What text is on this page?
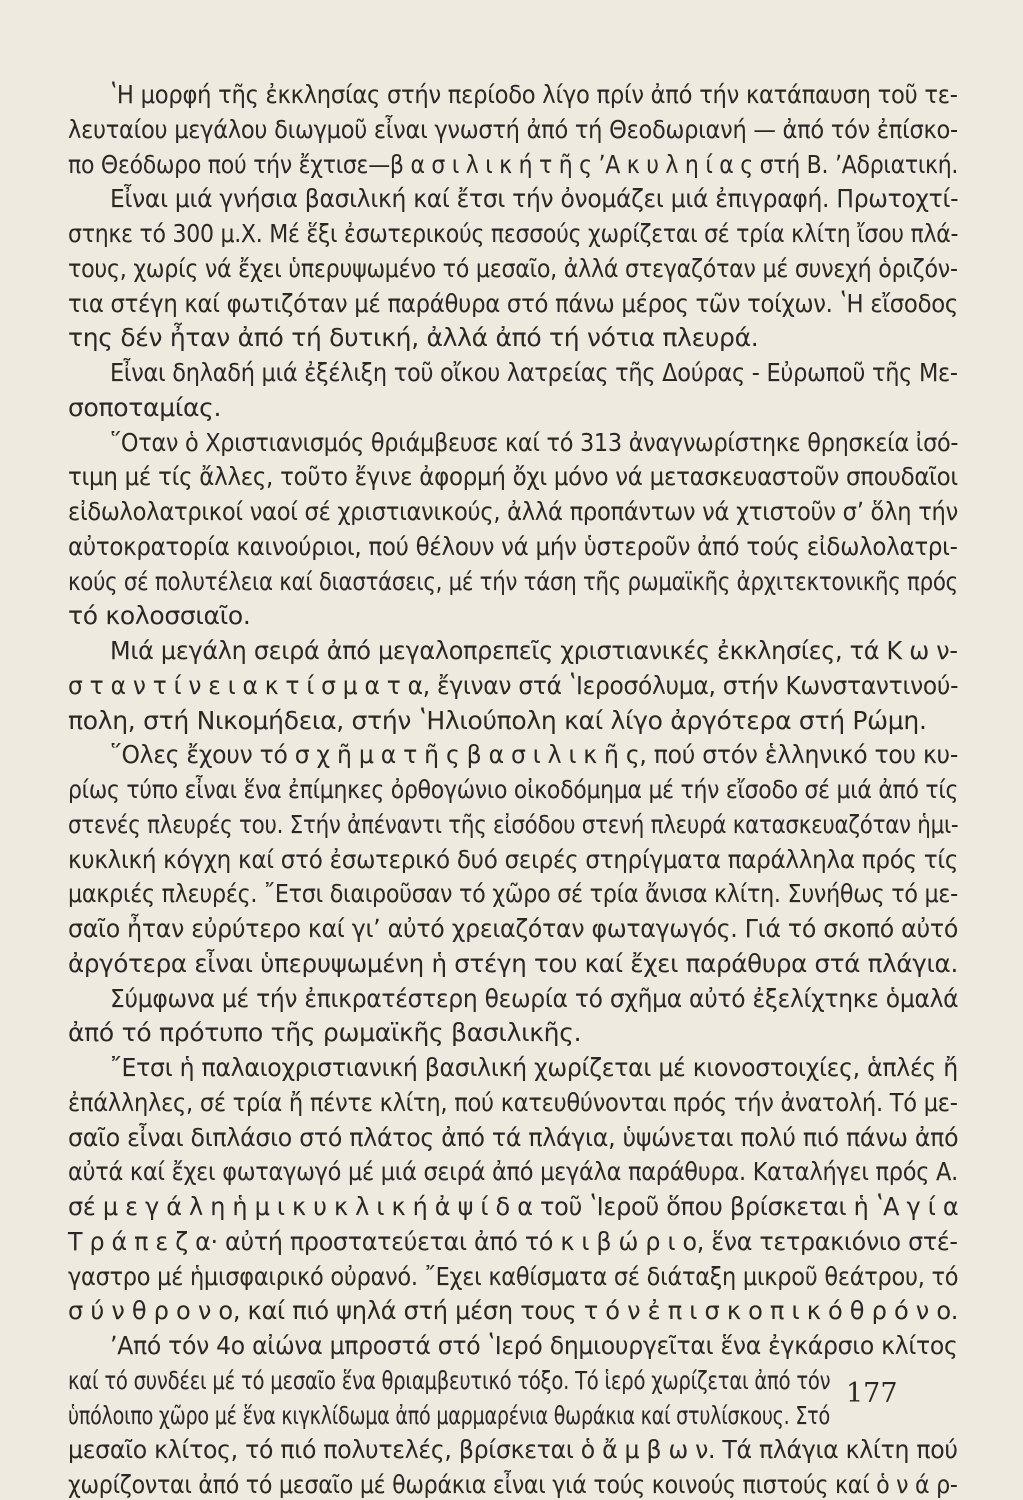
ʽΗ μορφή τῆς ἐκκλησίας στήν περίοδο λίγο πρίν ἀπό τήν κατάπαυση τοῦ τε-
λευταίου μεγάλου διωγμοῦ εἶναι γνωστή ἀπό τή Θεοδωριανή — ἀπό τόν ἐπίσκο-
πο Θεόδωρο πού τήν ἔχτισε—β α σ ι λ ι κ ή τ ῆ ς ʼΑ κ υ λ η ί α ς στή Β. ʼΑδριατική.
Εἶναι μιά γνήσια βασιλική καί ἔτσι τήν ὀνομάζει μιά ἐπιγραφή. Πρωτοχτί-
στηκε τό 300 μ.Χ. Μέ ἕξι ἐσωτερικούς πεσσούς χωρίζεται σέ τρία κλίτη ἴσου πλά-
τους, χωρίς νά ἔχει ὑπερυψωμένο τό μεσαῖο, ἀλλά στεγαζόταν μέ συνεχή ὁριζόν-
τια στέγη καί φωτιζόταν μέ παράθυρα στό πάνω μέρος τῶν τοίχων. ʽΗ εἴσοδος
της δέν ἦταν ἀπό τή δυτική, ἀλλά ἀπό τή νότια πλευρά.
Εἶναι δηλαδή μιά ἐξέλιξη τοῦ οἴκου λατρείας τῆς Δούρας - Εὐρωποῦ τῆς Με-
σοποταμίας.
῞Οταν ὁ Χριστιανισμός θριάμβευσε καί τό 313 ἀναγνωρίστηκε θρησκεία ἰσό-
τιμη μέ τίς ἄλλες, τοῦτο ἔγινε ἀφορμή ὄχι μόνο νά μετασκευαστοῦν σπουδαῖοι
εἰδωλολατρικοί ναοί σέ χριστιανικούς, ἀλλά προπάντων νά χτιστοῦν σʼ ὅλη τήν
αὐτοκρατορία καινούριοι, πού θέλουν νά μήν ὑστεροῦν ἀπό τούς εἰδωλολατρι-
κούς σέ πολυτέλεια καί διαστάσεις, μέ τήν τάση τῆς ρωμαϊκῆς ἀρχιτεκτονικῆς πρός
τό κολοσσιαῖο.
Μιά μεγάλη σειρά ἀπό μεγαλοπρεπεῖς χριστιανικές ἐκκλησίες, τά Κ ω ν-
σ τ α ν τ ί ν ε ι α κ τ ί σ μ α τ α, ἔγιναν στά ʽΙεροσόλυμα, στήν Κωνσταντινού-
πολη, στή Νικομήδεια, στήν ʽΗλιούπολη καί λίγο ἀργότερα στή Ρώμη.
῞Ολες ἔχουν τό σ χ ῆ μ α τ ῆ ς β α σ ι λ ι κ ῆ ς, πού στόν ἑλληνικό του κυ-
ρίως τύπο εἶναι ἕνα ἐπίμηκες ὀρθογώνιο οἰκοδόμημα μέ τήν εἴσοδο σέ μιά ἀπό τίς
στενές πλευρές του. Στήν ἀπέναντι τῆς εἰσόδου στενή πλευρά κατασκευαζόταν ἡμι-
κυκλική κόγχη καί στό ἐσωτερικό δυό σειρές στηρίγματα παράλληλα πρός τίς
μακριές πλευρές. ῎Ετσι διαιροῦσαν τό χῶρο σέ τρία ἄνισα κλίτη. Συνήθως τό με-
σαῖο ἦταν εὐρύτερο καί γιʼ αὐτό χρειαζόταν φωταγωγός. Γιά τό σκοπό αὐτό
ἀργότερα εἶναι ὑπερυψωμένη ἡ στέγη του καί ἔχει παράθυρα στά πλάγια.
Σύμφωνα μέ τήν ἐπικρατέστερη θεωρία τό σχῆμα αὐτό ἐξελίχτηκε ὁμαλά
ἀπό τό πρότυπο τῆς ρωμαϊκῆς βασιλικῆς.
῎Ετσι ἡ παλαιοχριστιανική βασιλική χωρίζεται μέ κιονοστοιχίες, ἁπλές ἤ
ἐπάλληλες, σέ τρία ἤ πέντε κλίτη, πού κατευθύνονται πρός τήν ἀνατολή. Τό με-
σαῖο εἶναι διπλάσιο στό πλάτος ἀπό τά πλάγια, ὑψώνεται πολύ πιό πάνω ἀπό
αὐτά καί ἔχει φωταγωγό μέ μιά σειρά ἀπό μεγάλα παράθυρα. Καταλήγει πρός Α.
σέ μ ε γ ά λ η ἡ μ ι κ υ κ λ ι κ ή ἀ ψ ί δ α τοῦ ʽΙεροῦ ὅπου βρίσκεται ἡ ʽΑ γ ί α
Τ ρ ά π ε ζ α· αὐτή προστατεύεται ἀπό τό κ ι β ώ ρ ι ο, ἕνα τετρακιόνιο στέ-
γαστρο μέ ἡμισφαιρικό οὐρανό. ῎Εχει καθίσματα σέ διάταξη μικροῦ θεάτρου, τό
σ ύ ν θ ρ ο ν ο, καί πιό ψηλά στή μέση τους τ ό ν ἐ π ι σ κ ο π ι κ ό θ ρ ό ν ο.
ʼΑπό τόν 4ο αἰώνα μπροστά στό ʽΙερό δημιουργεῖται ἕνα ἐγκάρσιο κλίτος
καί τό συνδέει μέ τό μεσαῖο ἕνα θριαμβευτικό τόξο. Τό ἱερό χωρίζεται ἀπό τόν
ὑπόλοιπο χῶρο μέ ἕνα κιγκλίδωμα ἀπό μαρμαρένια θωράκια καί στυλίσκους. Στό
μεσαῖο κλίτος, τό πιό πολυτελές, βρίσκεται ὁ ἄ μ β ω ν. Τά πλάγια κλίτη πού
χωρίζονται ἀπό τό μεσαῖο μέ θωράκια εἶναι γιά τούς κοινούς πιστούς καί ὁ ν ά ρ-
177
